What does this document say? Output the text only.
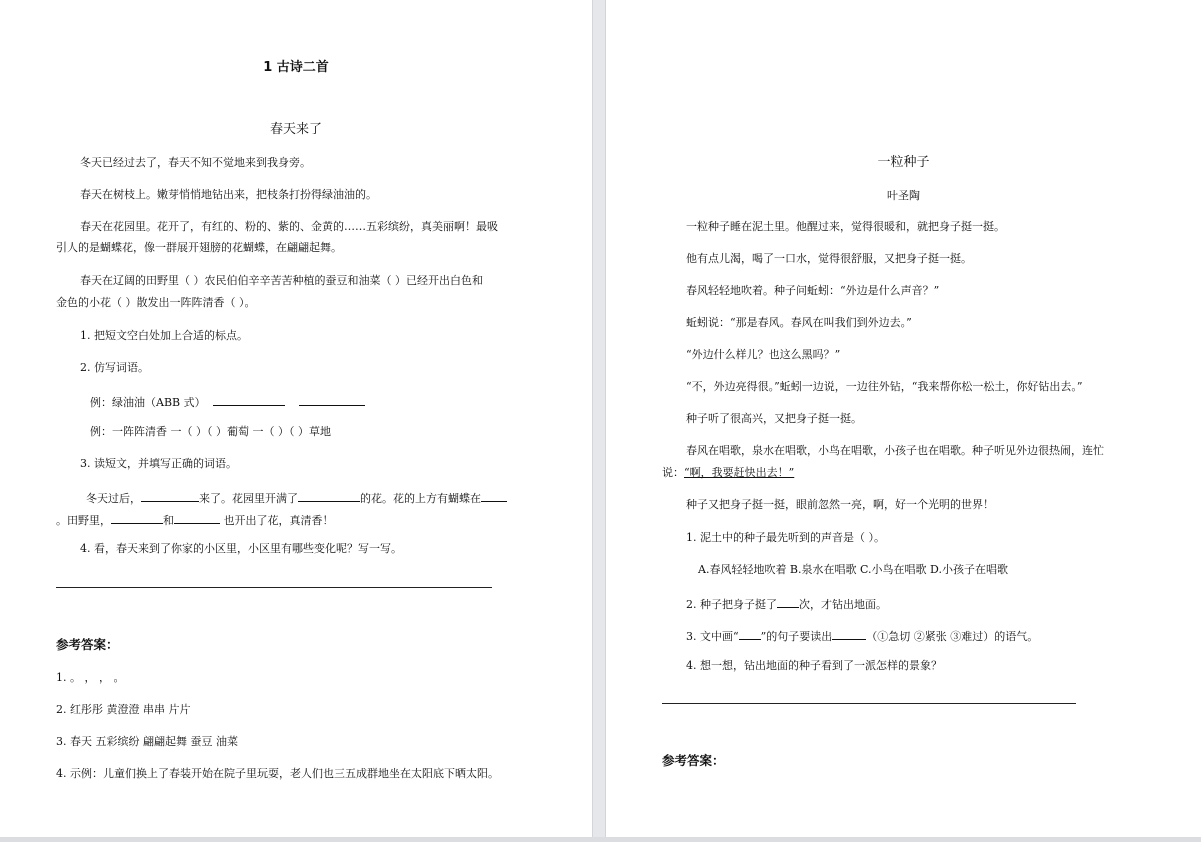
1 古诗二首
春天来了
冬天已经过去了，春天不知不觉地来到我身旁。
春天在树枝上。嫩芽悄悄地钻出来，把枝条打扮得绿油油的。
春天在花园里。花开了，有红的、粉的、紫的、金黄的……五彩缤纷，真美丽啊！最吸
引人的是蝴蝶花，像一群展开翅膀的花蝴蝶，在翩翩起舞。
春天在辽阔的田野里（ ）农民伯伯辛辛苦苦种植的蚕豆和油菜（ ）已经开出白色和
金色的小花（ ）散发出一阵阵清香（ ）。
1. 把短文空白处加上合适的标点。
2. 仿写词语。
例：绿油油（ABB 式）
例：一阵阵清香 一（ ）（ ）葡萄 一（ ）（ ）草地
3. 读短文，并填写正确的词语。
冬天过后，	来了。花园里开满了	的花。花的上方有蝴蝶在
。田野里，	和	也开出了花，真清香！
4. 看，春天来到了你家的小区里，小区里有哪些变化呢？写一写。
参考答案：
1. 。 ， ， 。
2. 红彤彤 黄澄澄 串串 片片
3. 春天 五彩缤纷 翩翩起舞 蚕豆 油菜
4. 示例：儿童们换上了春装开始在院子里玩耍，老人们也三五成群地坐在太阳底下晒太阳。
一粒种子
叶圣陶
一粒种子睡在泥土里。他醒过来，觉得很暖和，就把身子挺一挺。
他有点儿渴，喝了一口水，觉得很舒服，又把身子挺一挺。
春风轻轻地吹着。种子问蚯蚓：“外边是什么声音？”
蚯蚓说：“那是春风。春风在叫我们到外边去。”
“外边什么样儿？也这么黑吗？”
“不，外边亮得很。”蚯蚓一边说，一边往外钻，“我来帮你松一松土，你好钻出去。”
种子听了很高兴，又把身子挺一挺。
春风在唱歌，泉水在唱歌，小鸟在唱歌，小孩子也在唱歌。种子听见外边很热闹，连忙
说：“啊，我要赶快出去！”
种子又把身子挺一挺，眼前忽然一亮，啊，好一个光明的世界！
1. 泥土中的种子最先听到的声音是（ ）。
A.春风轻轻地吹着 B.泉水在唱歌 C.小鸟在唱歌 D.小孩子在唱歌
2. 种子把身子挺了 次，才钻出地面。
3. 文中画“ ”的句子要读出	（①急切 ②紧张 ③难过）的语气。
4. 想一想，钻出地面的种子看到了一派怎样的景象？
参考答案：
